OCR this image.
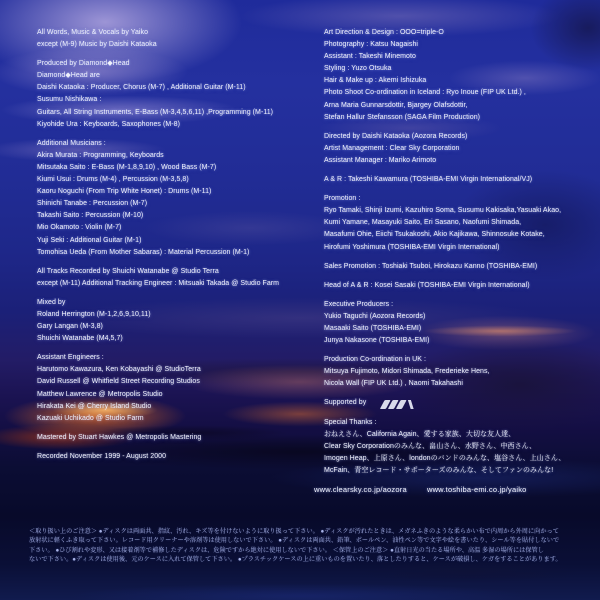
All Words, Music & Vocals by Yaiko
except (M-9) Music by Daishi Kataoka
Produced by Diamond◆Head
Diamond◆Head are
Daishi Kataoka : Producer, Chorus (M-7) , Additional Guitar (M-11)
Susumu Nishikawa :
Guitars, All String Instruments, E-Bass (M-3,4,5,6,11) ,Programming (M-11)
Kiyohide Ura : Keyboards, Saxophones (M-8)
Additional Musicians :
Akira Murata : Programming, Keyboards
Mitsutaka Saito : E-Bass (M-1,8,9,10) , Wood Bass (M-7)
Kiumi Usui : Drums (M-4) , Percussion (M-3,5,8)
Kaoru Noguchi (From Trip White Honet) : Drums (M-11)
Shinichi Tanabe : Percussion (M-7)
Takashi Saito : Percussion (M-10)
Mio Okamoto : Violin (M-7)
Yuji Seki : Additional Guitar (M-1)
Tomohisa Ueda (From Mother Sabaras) : Material Percussion (M-1)
All Tracks Recorded by Shuichi Watanabe @ Studio Terra
except (M-11) Additional Tracking Engineer : Mitsuaki Takada @ Studio Farm
Mixed by
Roland Herrington (M-1,2,6,9,10,11)
Gary Langan (M-3,8)
Shuichi Watanabe (M4,5,7)
Assistant Engineers :
Harutomo Kawazura, Ken Kobayashi @ StudioTerra
David Russell @ Whitfield Street Recording Studios
Matthew Lawrence @ Metropolis Studio
Hirakata Kei @ Cherry Island Studio
Kazuaki Uchikado @ Studio Farm
Mastered by Stuart Hawkes @ Metropolis Mastering
Recorded November 1999 - August 2000
Art Direction & Design : OOO=triple-O
Photography : Katsu Nagaishi
Assistant : Takeshi Minemoto
Styling : Yuzo Otsuka
Hair & Make up : Akemi Ishizuka
Photo Shoot Co-ordination in Iceland : Ryo Inoue (FIP UK Ltd.) ,
Arna Maria Gunnarsdottir, Bjargey Olafsdottir,
Stefan Hallur Stefansson (SAGA Film Production)
Directed by Daishi Kataoka (Aozora Records)
Artist Management : Clear Sky Corporation
Assistant Manager : Mariko Arimoto
A & R : Takeshi Kawamura (TOSHIBA-EMI Virgin International/VJ)
Promotion :
Ryo Tamaki, Shinji Izumi, Kazuhiro Soma, Susumu Kakisaka,Yasuaki Akao,
Kumi Yamane, Masayuki Saito, Eri Sasano, Naofumi Shimada,
Masafumi Ohie, Eiichi Tsukakoshi, Akio Kajikawa, Shinnosuke Kotake,
Hirofumi Yoshimura (TOSHIBA-EMI Virgin International)
Sales Promotion : Toshiaki Tsuboi, Hirokazu Kanno (TOSHIBA-EMI)
Head of A & R : Kosei Sasaki (TOSHIBA-EMI Virgin International)
Executive Producers :
Yukio Taguchi (Aozora Records)
Masaaki Saito (TOSHIBA-EMI)
Junya Nakasone (TOSHIBA-EMI)
Production Co-ordination in UK :
Mitsuya Fujimoto, Midori Shimada, Frederieke Hens,
Nicola Wall (FIP UK Ltd.) , Naomi Takahashi
Supported by
Special Thanks :
おねえさん、California Again、愛する家族、大切な友人達、
Clear Sky Corporationのみんな、畠山さん、水野さん、中西さん、
Imogen Heap、上原さん、londonのバンドのみんな、塩谷さん、上山さん、
McFain、青空レコード・サポーターズのみんな、そしてファンのみんな!
www.clearsky.co.jp/aozora	www.toshiba-emi.co.jp/yaiko
＜取り扱い上のご注意＞ ●ディスクは両面共、指紋、汚れ、キズ等を付けないように取り扱って下さい。 ●ディスクが汚れたときは、メガネふきのような柔らかい布で内周から外周に向かって
放射状に軽くふき取って下さい。レコード用クリーナーや溶剤等は使用しないで下さい。 ●ディスクは両面共、鉛筆、ボールペン、油性ペン等で文字や絵を書いたり、シール等を貼付しないで
下さい。 ●ひび割れや変形、又は接着剤等で補修したディスクは、危険ですから絶対に使用しないで下さい。 ＜保管上のご注意＞ ●直射日光の当たる場所や、高温 多湿の場所には保管し
ないで下さい。●ディスクは使用後、元のケースに入れて保管して下さい。 ●プラスチックケースの上に重いものを置いたり、落としたりすると、ケースが破損し、ケガをすることがあります。
